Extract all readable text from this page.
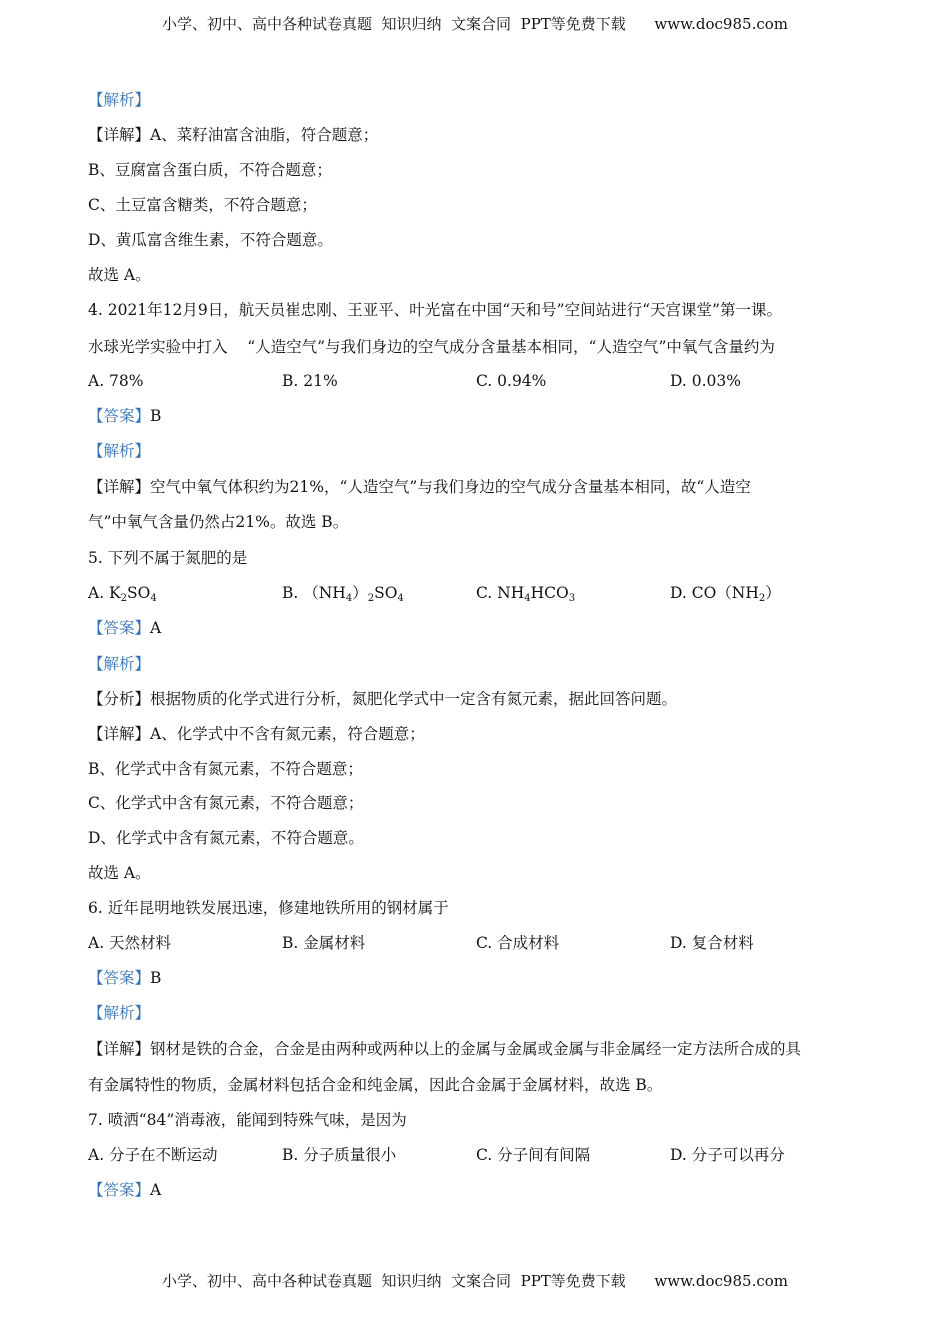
小学、初中、高中各种试卷真题  知识归纳  文案合同  PPT等免费下载      www.doc985.com
【解析】
【详解】A、菜籽油富含油脂，符合题意；
B、豆腐富含蛋白质，不符合题意；
C、土豆富含糖类，不符合题意；
D、黄瓜富含维生素，不符合题意。
故选 A。
4. 2021年12月9日，航天员崔忠刚、王亚平、叶光富在中国“天和号”空间站进行“天宫课堂”第一课。
水球光学实验中打入    “人造空气”与我们身边的空气成分含量基本相同，“人造空气”中氧气含量约为
A. 78%	B. 21%	C. 0.94%	D. 0.03%
【答案】B
【解析】
【详解】空气中氧气体积约为21%，“人造空气”与我们身边的空气成分含量基本相同，故“人造空
气”中氧气含量仍然占21%。故选 B。
5. 下列不属于氮肥的是
A. $K_2SO_4$	B. $(NH_4)_2SO_4$	C. $NH_4HCO_3$	D. $CO(NH_2)$
【答案】A
【解析】
【分析】根据物质的化学式进行分析，氮肥化学式中一定含有氮元素，据此回答问题。
【详解】A、化学式中不含有氮元素，符合题意；
B、化学式中含有氮元素，不符合题意；
C、化学式中含有氮元素，不符合题意；
D、化学式中含有氮元素，不符合题意。
故选 A。
6. 近年昆明地铁发展迅速，修建地铁所用的钢材属于
A. 天然材料	B. 金属材料	C. 合成材料	D. 复合材料
【答案】B
【解析】
【详解】钢材是铁的合金，合金是由两种或两种以上的金属与金属或金属与非金属经一定方法所合成的具
有金属特性的物质，金属材料包括合金和纯金属，因此合金属于金属材料，故选 B。
7. 喷洒“84”消毒液，能闻到特殊气味，是因为
A. 分子在不断运动	B. 分子质量很小	C. 分子间有间隔	D. 分子可以再分
【答案】A
小学、初中、高中各种试卷真题  知识归纳  文案合同  PPT等免费下载      www.doc985.com
